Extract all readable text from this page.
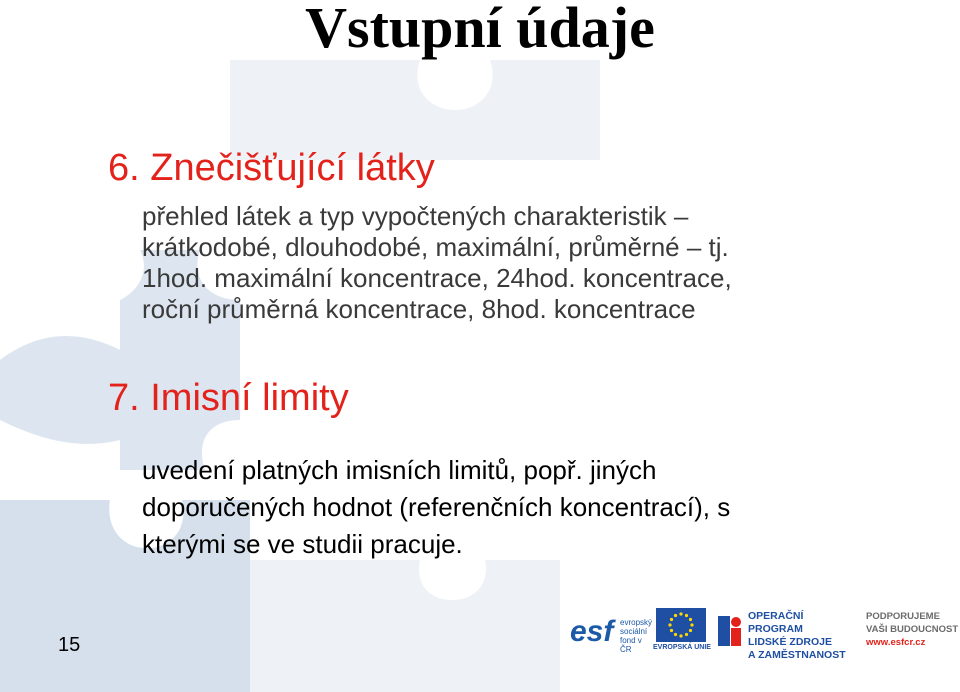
Vstupní údaje
6. Znečišťující látky
přehled látek a typ vypočtených charakteristik –
krátkodobé, dlouhodobé, maximální, průměrné – tj.
1hod. maximální koncentrace, 24hod. koncentrace,
roční průměrná koncentrace, 8hod. koncentrace
7. Imisní limity
uvedení platných imisních limitů, popř. jiných
doporučených hodnot (referenčních koncentrací), s
kterými se ve studii pracuje.
15	esf evropský sociální fond v ČR	EVROPSKÁ UNIE
OPERAČNÍ PROGRAM
LIDSKÉ ZDROJE
A ZAMĚSTNANOST
PODPORUJEME
VAŠI BUDOUCNOST
www.esfcr.cz
